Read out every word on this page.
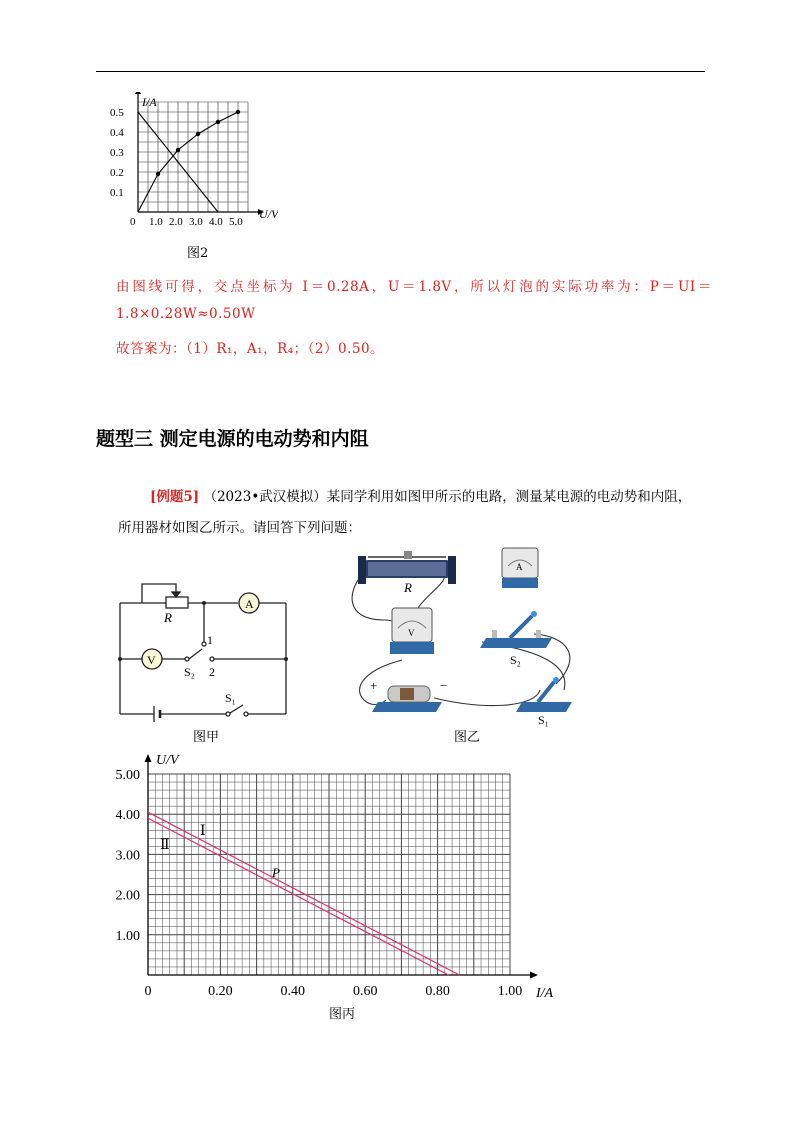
0.1
0.2
0.3
0.4
0.5
0 1.0 2.0 3.0 4.0 5.0
I/A
U/V
图2
由图线可得，交点坐标为 I＝0.28A，U＝1.8V，所以灯泡的实际功率为：P＝UI＝
1.8×0.28W≈0.50W
故答案为：（1）R₁，A₁，R₄；（2）0.50。
题型三 测定电源的电动势和内阻
[例题5] （2023•武汉模拟）某同学利用如图甲所示的电路，测量某电源的电动势和内阻，
所用器材如图乙所示。请回答下列问题：
R
A
V
1
2
S₂
S₁
图甲
R
A
V
S₂
+	−
S₁
图乙
1.00
2.00
3.00
4.00
5.00
0	0.20	0.40	0.60	0.80	1.00
U/V
I/A
Ⅰ
Ⅱ
P
图丙
